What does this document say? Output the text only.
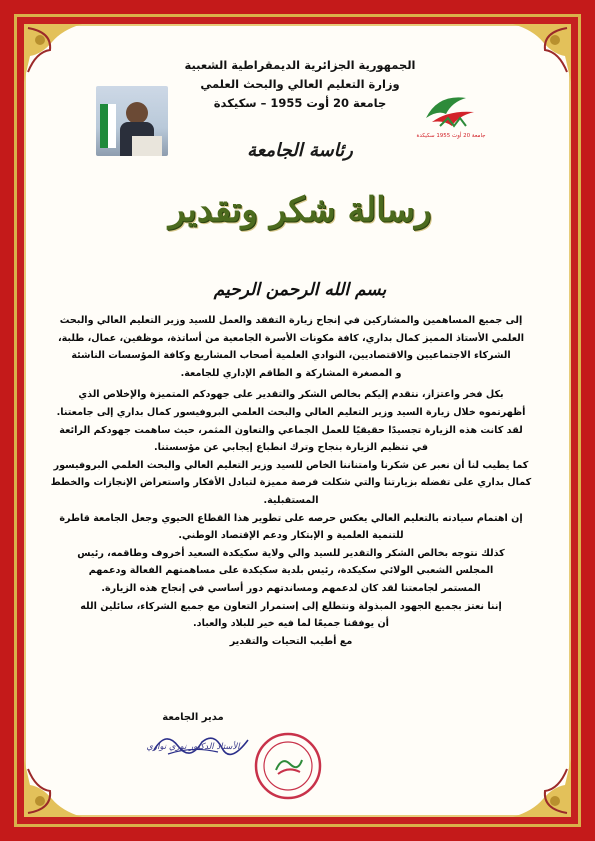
الجمهورية الجزائرية الديمقراطية الشعبية
وزارة التعليم العالي والبحث العلمي
جامعة 20 أوت 1955 – سكيكدة
جامعة 20 أوت 1955 سكيكدة
رئاسة الجامعة
رسالة شكر وتقدير
بسم الله الرحمن الرحيم

إلى جميع المساهمين والمشاركين في إنجاح زيارة التفقد والعمل للسيد وزير التعليم العالي والبحث
العلمي الأستاذ المميز كمال بداري، كافة مكونات الأسرة الجامعية من أساتذة، موظفين، عمال، طلبة،
الشركاء الاجتماعيين والاقتصاديين، النوادي العلمية أصحاب المشاريع وكافة المؤسسات الناشئة
و المصغرة المشاركة و الطاقم الإداري للجامعة.

بكل فخر واعتزاز، نتقدم إليكم بخالص الشكر والتقدير على جهودكم المتميزة والإخلاص الذي
أظهرتموه خلال زيارة السيد وزير التعليم العالي والبحث العلمي البروفيسور كمال بداري إلى جامعتنا.
لقد كانت هذه الزيارة تجسيدًا حقيقيًا للعمل الجماعي والتعاون المثمر، حيث ساهمت جهودكم الرائعة
في تنظيم الزيارة بنجاح وترك انطباع إيجابي عن مؤسستنا.

كما يطيب لنا أن نعبر عن شكرنا وامتناننا الخاص للسيد وزير التعليم العالي والبحث العلمي البروفيسور
كمال بداري على تفضله بزيارتنا والتي شكلت فرصة مميزة لتبادل الأفكار واستعراض الإنجازات والخطط
المستقبلية.

إن اهتمام سيادته بالتعليم العالي يعكس حرصه على تطوير هذا القطاع الحيوي وجعل الجامعة قاطرة
للتنمية العلمية و الإبتكار ودعم الإقتصاد الوطني.

كذلك نتوجه بخالص الشكر والتقدير للسيد والي ولاية سكيكدة السعيد أخروف وطاقمه، رئيس
المجلس الشعبي الولائي سكيكدة، رئيس بلدية سكيكدة على مساهمتهم الفعالة ودعمهم
المستمر لجامعتنا لقد كان لدعمهم ومساندتهم دور أساسي في إنجاح هذه الزيارة.

إننا نعتز بجميع الجهود المبذولة ونتطلع إلى إستمرار التعاون مع جميع الشركاء، سائلين الله
أن يوفقنا جميعًا لما فيه خير للبلاد والعباد.

مع أطيب التحيات والتقدير

مدير الجامعة
الأستاذ الدكتور نوري نواري
